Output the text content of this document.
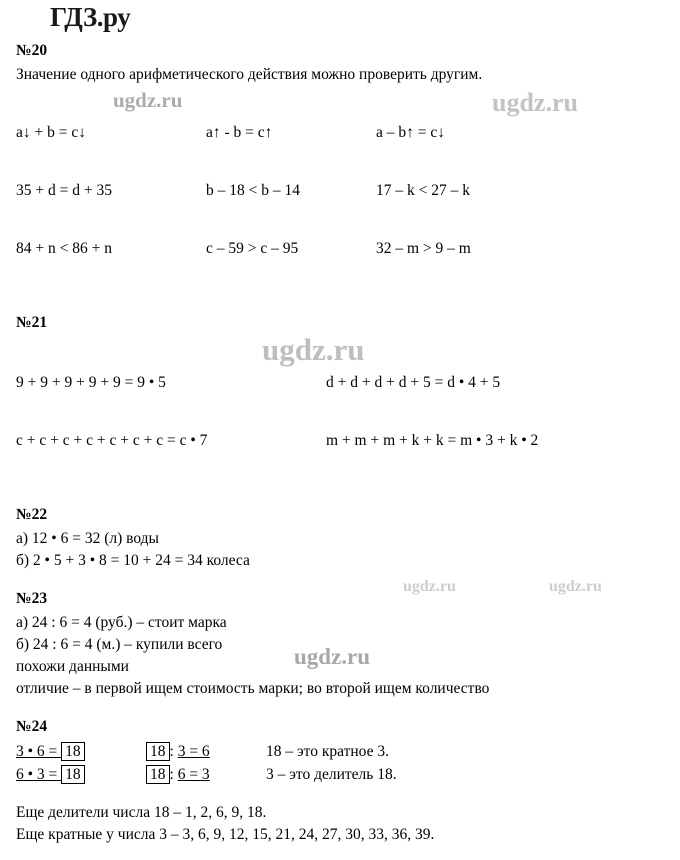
ГДЗ.ру
№20
Значение одного арифметического действия можно проверить другим.

a↓ + b = c↓	a↑ - b = c↑	a – b↑ = c↓

35 + d = d + 35	b – 18 < b – 14	17 – k < 27 – k

84 + n < 86 + n	c – 59 > c – 95	32 – m > 9 – m

№21

9 + 9 + 9 + 9 + 9 = 9 • 5	d + d + d + d + 5 = d • 4 + 5

c + c + c + c + c + c + c = c • 7	m + m + m + k + k = m • 3 + k • 2

№22
а) 12 • 6 = 32 (л) воды
б) 2 • 5 + 3 • 8 = 10 + 24 = 34 колеса
№23
а) 24 : 6 = 4 (руб.) – стоит марка
б) 24 : 6 = 4 (м.) – купили всего
похожи данными
отличие – в первой ищем стоимость марки; во второй ищем количество
№24
3 • 6 = 18	18 : 3 = 6	18 – это кратное 3.
6 • 3 = 18	18 : 6 = 3	3 – это делитель 18.
Еще делители числа 18 – 1, 2, 6, 9, 18.
Еще кратные у числа 3 – 3, 6, 9, 12, 15, 21, 24, 27, 30, 33, 36, 39.
ugdz.ru	ugdz.ru
ugdz.ru
ugdz.ru	ugdz.ru
ugdz.ru
